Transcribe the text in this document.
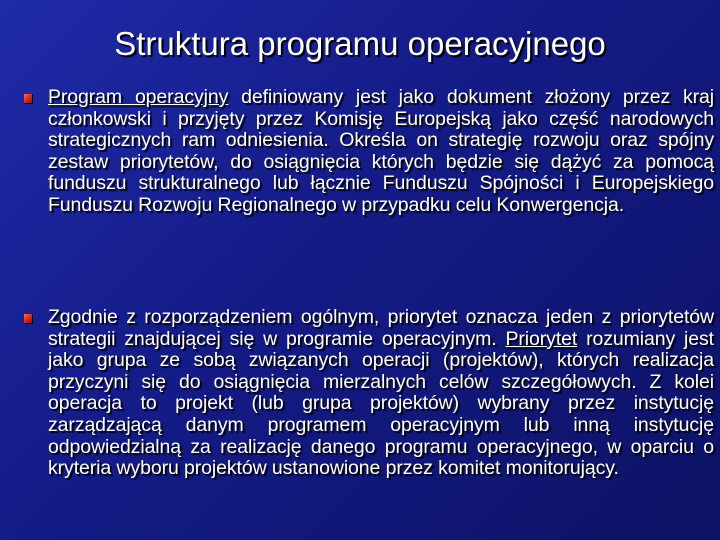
Struktura programu operacyjnego
Program operacyjny definiowany jest jako dokument złożony przez kraj członkowski i przyjęty przez Komisję Europejską jako część narodowych strategicznych ram odniesienia. Określa on strategię rozwoju oraz spójny zestaw priorytetów, do osiągnięcia których będzie się dążyć za pomocą funduszu strukturalnego lub łącznie Funduszu Spójności i Europejskiego Funduszu Rozwoju Regionalnego w przypadku celu Konwergencja.
Zgodnie z rozporządzeniem ogólnym, priorytet oznacza jeden z priorytetów strategii znajdującej się w programie operacyjnym. Priorytet rozumiany jest jako grupa ze sobą związanych operacji (projektów), których realizacja przyczyni się do osiągnięcia mierzalnych celów szczegółowych. Z kolei operacja to projekt (lub grupa projektów) wybrany przez instytucję zarządzającą danym programem operacyjnym lub inną instytucję odpowiedzialną za realizację danego programu operacyjnego, w oparciu o kryteria wyboru projektów ustanowione przez komitet monitorujący.
